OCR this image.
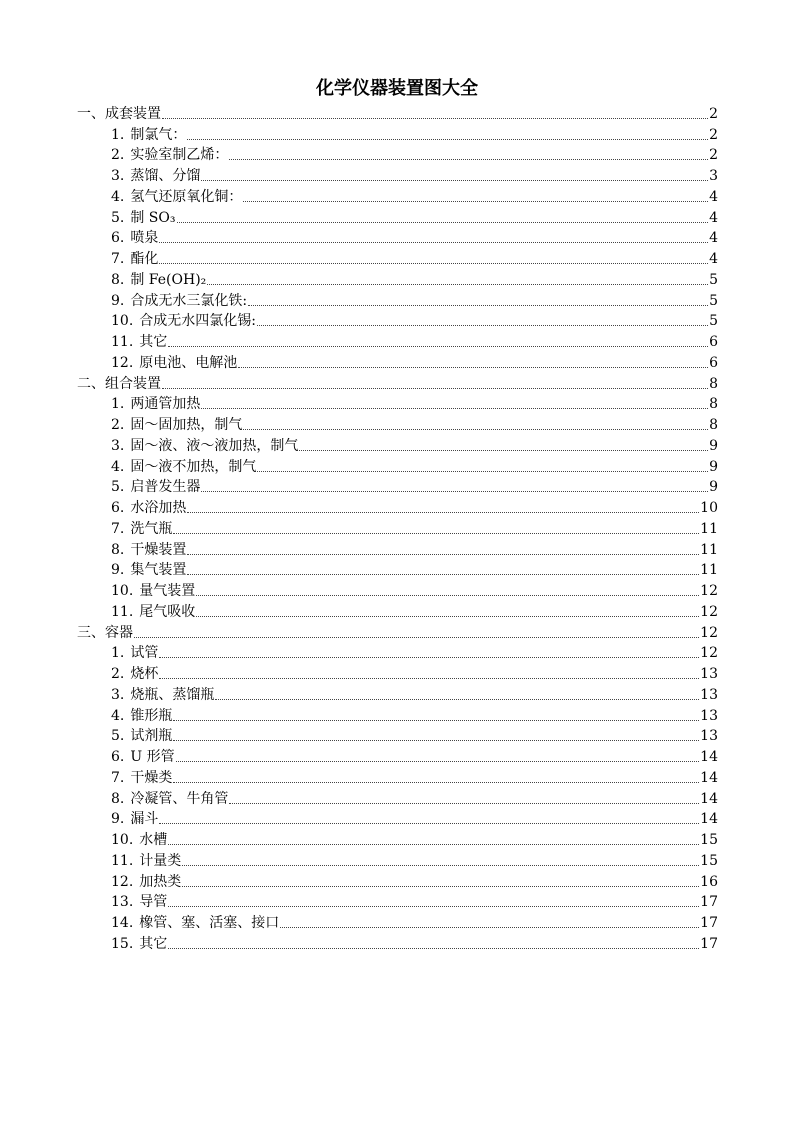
化学仪器装置图大全
一、成套装置	2
1. 制氯气：	2
2. 实验室制乙烯：	2
3. 蒸馏、分馏	3
4. 氢气还原氧化铜：	4
5. 制 SO₃	4
6. 喷泉	4
7. 酯化	4
8. 制 Fe(OH)₂	5
9. 合成无水三氯化铁:	5
10. 合成无水四氯化锡:	5
11. 其它	6
12. 原电池、电解池	6
二、组合装置	8
1. 两通管加热	8
2. 固～固加热，制气	8
3. 固～液、液～液加热，制气	9
4. 固～液不加热，制气	9
5. 启普发生器	9
6. 水浴加热	10
7. 洗气瓶	11
8. 干燥装置	11
9. 集气装置	11
10. 量气装置	12
11. 尾气吸收	12
三、容器	12
1. 试管	12
2. 烧杯	13
3. 烧瓶、蒸馏瓶	13
4. 锥形瓶	13
5. 试剂瓶	13
6. U 形管	14
7. 干燥类	14
8. 冷凝管、牛角管	14
9. 漏斗	14
10. 水槽	15
11. 计量类	15
12. 加热类	16
13. 导管	17
14. 橡管、塞、活塞、接口	17
15. 其它	17
